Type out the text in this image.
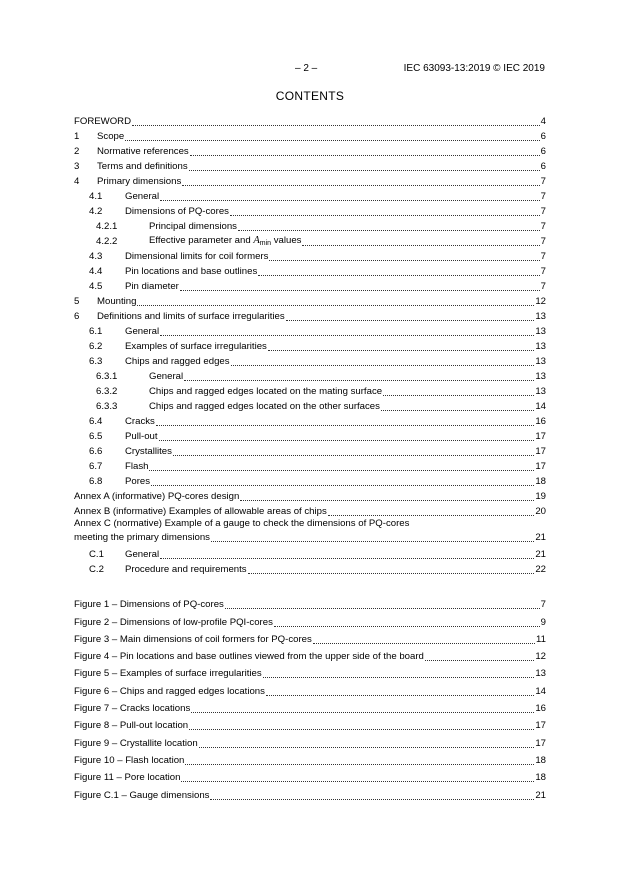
– 2 –	IEC 63093-13:2019 © IEC 2019
CONTENTS
FOREWORD	4
1	Scope	6
2	Normative references	6
3	Terms and definitions	6
4	Primary dimensions	7
4.1	General	7
4.2	Dimensions of PQ-cores	7
4.2.1	Principal dimensions	7
4.2.2	Effective parameter and $A_{min}$ values	7
4.3	Dimensional limits for coil formers	7
4.4	Pin locations and base outlines	7
4.5	Pin diameter	7
5	Mounting	12
6	Definitions and limits of surface irregularities	13
6.1	General	13
6.2	Examples of surface irregularities	13
6.3	Chips and ragged edges	13
6.3.1	General	13
6.3.2	Chips and ragged edges located on the mating surface	13
6.3.3	Chips and ragged edges located on the other surfaces	14
6.4	Cracks	16
6.5	Pull-out	17
6.6	Crystallites	17
6.7	Flash	17
6.8	Pores	18
Annex A (informative) PQ-cores design	19
Annex B (informative) Examples of allowable areas of chips	20
Annex C (normative) Example of a gauge to check the dimensions of PQ-cores
meeting the primary dimensions	21
C.1	General	21
C.2	Procedure and requirements	22
Figure 1 – Dimensions of PQ-cores	7
Figure 2 – Dimensions of low-profile PQI-cores	9
Figure 3 – Main dimensions of coil formers for PQ-cores	11
Figure 4 – Pin locations and base outlines viewed from the upper side of the board	12
Figure 5 – Examples of surface irregularities	13
Figure 6 – Chips and ragged edges locations	14
Figure 7 – Cracks locations	16
Figure 8 – Pull-out location	17
Figure 9 – Crystallite location	17
Figure 10 – Flash location	18
Figure 11 – Pore location	18
Figure C.1 – Gauge dimensions	21
